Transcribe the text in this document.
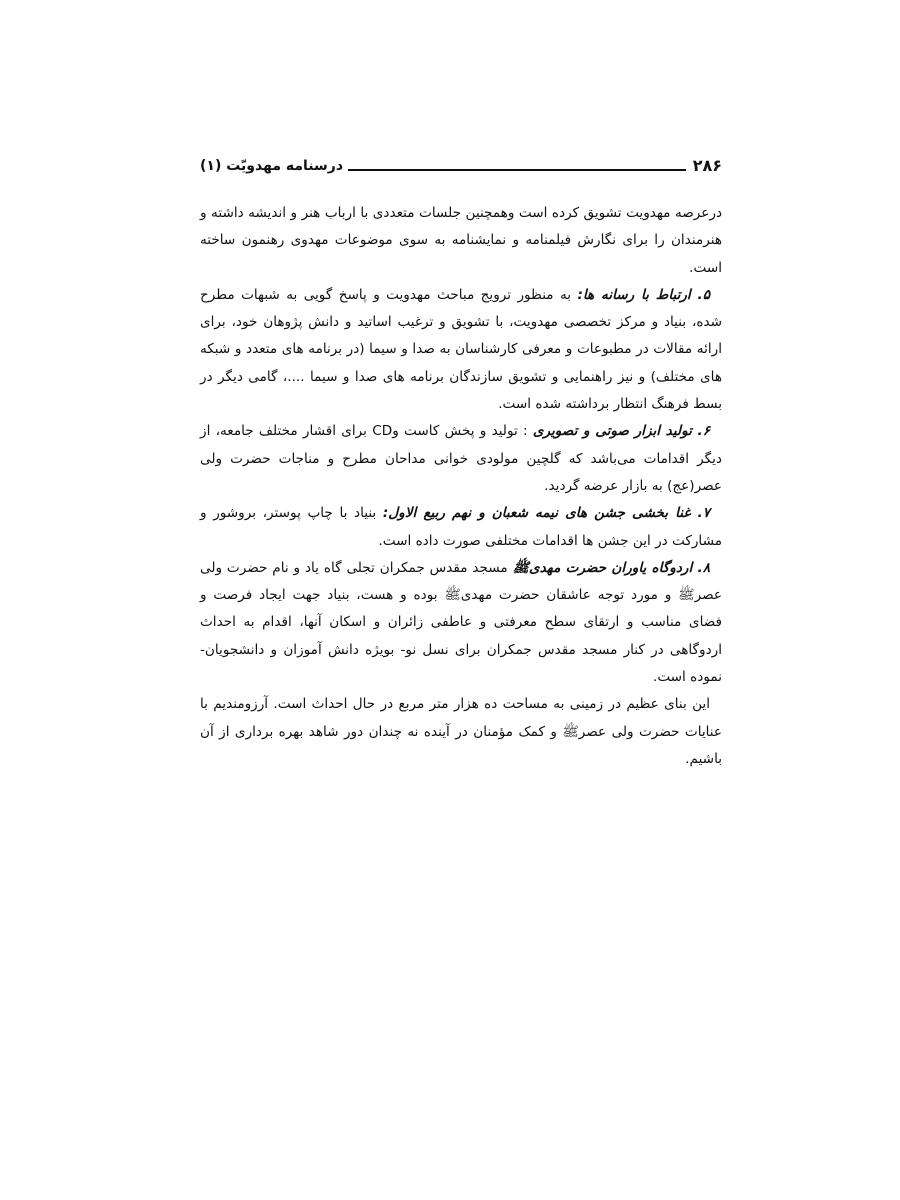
درسنامه مهدویّت (۱)	۲۸۶

درعرصه مهدویت تشویق کرده است وهمچنین جلسات متعددی با ارباب هنر و اندیشه داشته و هنرمندان را برای نگارش فیلمنامه و نمایشنامه به سوی موضوعات مهدوی رهنمون ساخته است.

۵. ارتباط با رسانه ها: به منظور ترویج مباحث مهدویت و پاسخ گویی به شبهات مطرح شده، بنیاد و مرکز تخصصی مهدویت، با تشویق و ترغیب اساتید و دانش پژوهان خود، برای ارائه مقالات در مطبوعات و معرفی کارشناسان به صدا و سیما (در برنامه های متعدد و شبکه های مختلف) و نیز راهنمایی و تشویق سازندگان برنامه های صدا و سیما ....، گامی دیگر در بسط فرهنگ انتظار برداشته شده است.

۶. تولید ابزار صوتی و تصویری : تولید و پخش کاست وCD برای اقشار مختلف جامعه، از دیگر اقدامات می‌باشد که گلچین مولودی خوانی مداحان مطرح و مناجات حضرت ولی عصر(عج) به بازار عرضه گردید.

۷. غنا بخشی جشن های نیمه شعبان و نهم ربیع الاول: بنیاد با چاپ پوستر، بروشور و مشارکت در این جشن ها اقدامات مختلفی صورت داده است.

۸. اردوگاه یاوران حضرت مهدیﷺ مسجد مقدس جمکران تجلی گاه یاد و نام حضرت ولی عصرﷺ و مورد توجه عاشقان حضرت مهدیﷺ بوده و هست، بنیاد جهت ایجاد فرصت و فضای مناسب و ارتقای سطح معرفتی و عاطفی زائران و اسکان آنها، اقدام به احداث اردوگاهی در کنار مسجد مقدس جمکران برای نسل نو- بویژه دانش آموزان و دانشجویان- نموده است.

این بنای عظیم در زمینی به مساحت ده هزار متر مربع در حال احداث است. آرزومندیم با عنایات حضرت ولی عصرﷺ و کمک مؤمنان در آینده نه چندان دور شاهد بهره برداری از آن باشیم.
